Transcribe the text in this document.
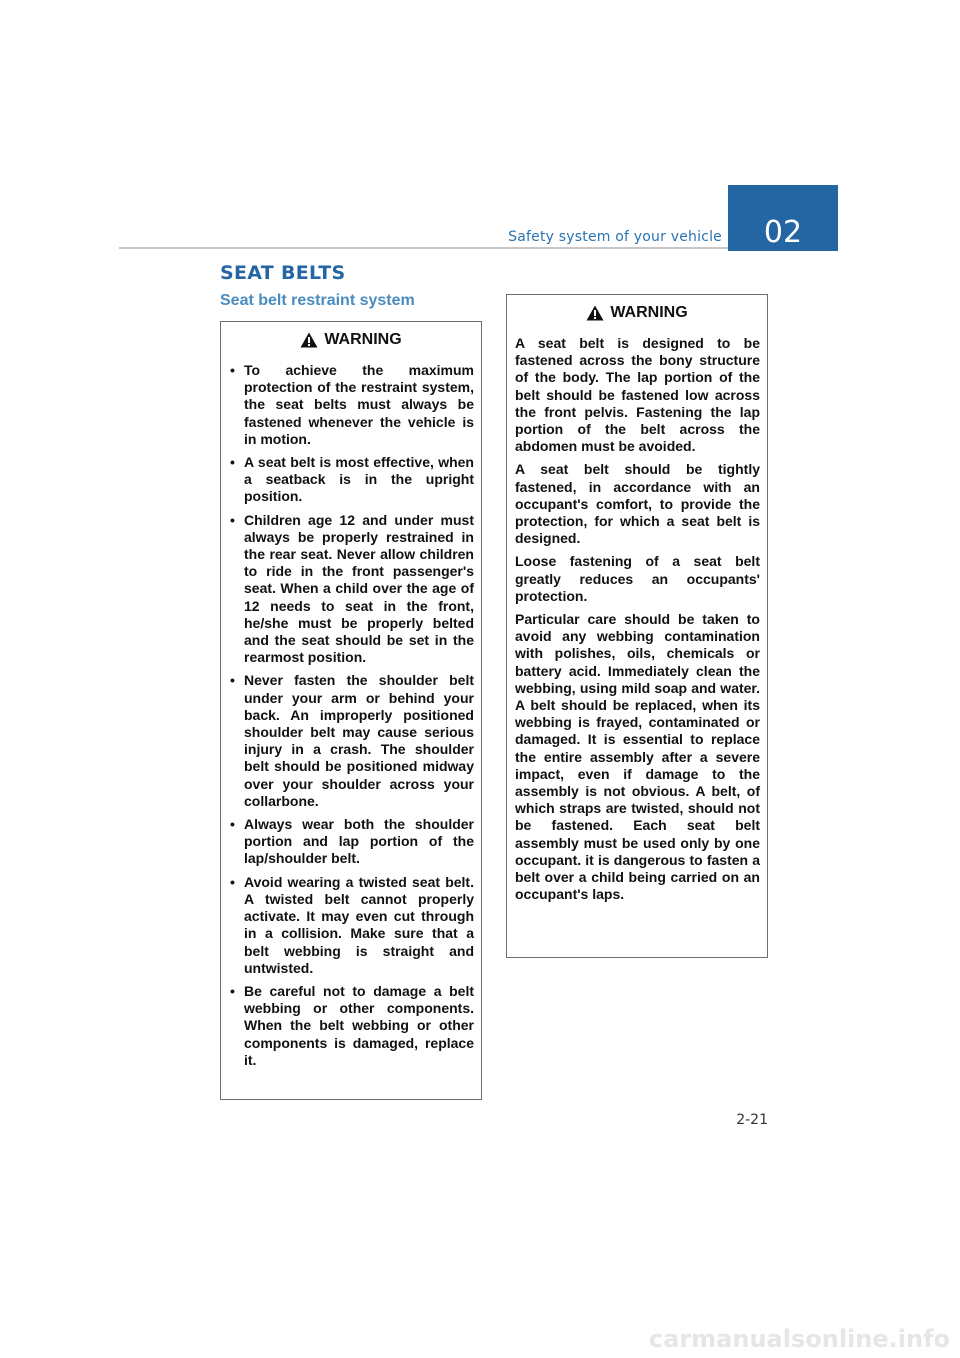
Safety system of your vehicle 02
SEAT BELTS
Seat belt restraint system
WARNING
• To achieve the maximum protection of the restraint system, the seat belts must always be fastened whenever the vehicle is in motion.
• A seat belt is most effective, when a seatback is in the upright position.
• Children age 12 and under must always be properly restrained in the rear seat. Never allow children to ride in the front passenger's seat. When a child over the age of 12 needs to seat in the front, he/she must be properly belted and the seat should be set in the rearmost position.
• Never fasten the shoulder belt under your arm or behind your back. An improperly positioned shoulder belt may cause serious injury in a crash. The shoulder belt should be positioned midway over your shoulder across your collarbone.
• Always wear both the shoulder portion and lap portion of the lap/shoulder belt.
• Avoid wearing a twisted seat belt. A twisted belt cannot properly activate. It may even cut through in a collision. Make sure that a belt webbing is straight and untwisted.
• Be careful not to damage a belt webbing or other components. When the belt webbing or other components is damaged, replace it.
WARNING

A seat belt is designed to be fastened across the bony structure of the body. The lap portion of the belt should be fastened low across the front pelvis. Fastening the lap portion of the belt across the abdomen must be avoided.

A seat belt should be tightly fastened, in accordance with an occupant's comfort, to provide the protection, for which a seat belt is designed.

Loose fastening of a seat belt greatly reduces an occupants' protection.

Particular care should be taken to avoid any webbing contamination with polishes, oils, chemicals or battery acid. Immediately clean the webbing, using mild soap and water. A belt should be replaced, when its webbing is frayed, contaminated or damaged. It is essential to replace the entire assembly after a severe impact, even if damage to the assembly is not obvious. A belt, of which straps are twisted, should not be fastened. Each seat belt assembly must be used only by one occupant. it is dangerous to fasten a belt over a child being carried on an occupant's laps.

2-21
carmanualsonline.info
